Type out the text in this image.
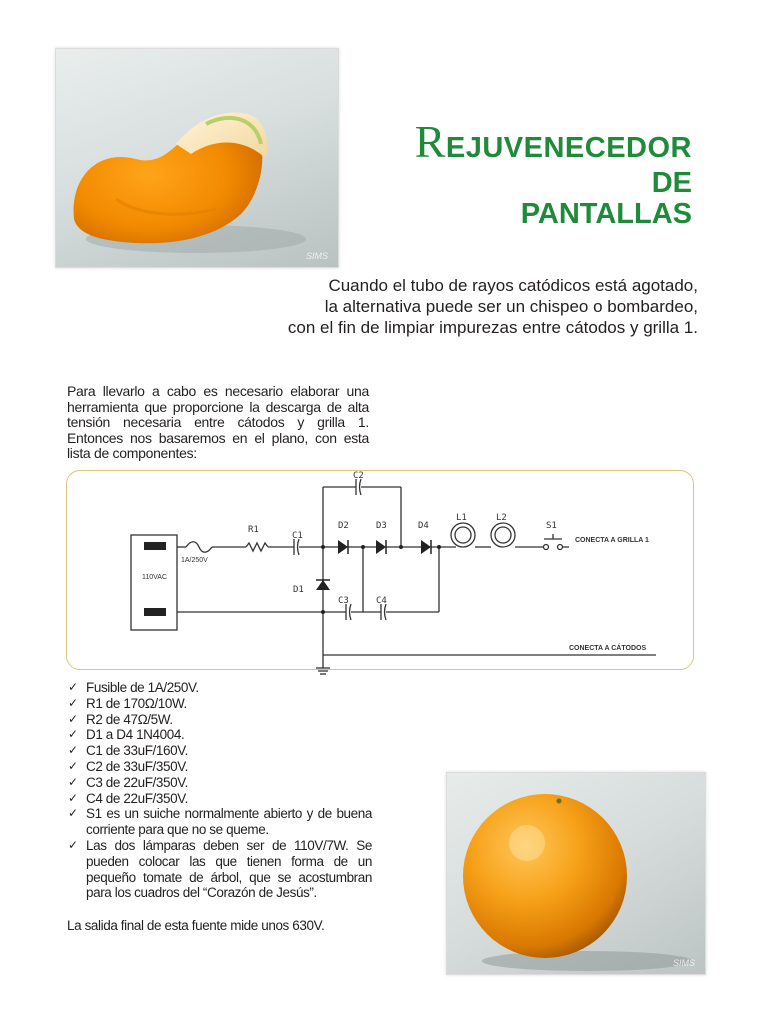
SIMS
REJUVENECEDOR
DE
PANTALLAS
Cuando el tubo de rayos catódicos está agotado,
la alternativa puede ser un chispeo o bombardeo,
con el fin de limpiar impurezas entre cátodos y grilla 1.
Para llevarlo a cabo es necesario elaborar una herramienta que proporcione la descarga de alta tensión necesaria entre cátodos y grilla 1. Entonces nos basaremos en el plano, con esta lista de componentes:
C2
R1
C1
D2	D3	D4
L1	L2
S1
D1
C3	C4
1A/250V
110VAC
CONECTA A GRILLA 1
CONECTA A CÁTODOS
✓ Fusible de 1A/250V.
✓ R1 de 170Ω/10W.
✓ R2 de 47Ω/5W.
✓ D1 a D4 1N4004.
✓ C1 de 33uF/160V.
✓ C2 de 33uF/350V.
✓ C3 de 22uF/350V.
✓ C4 de 22uF/350V.
✓ S1 es un suiche normalmente abierto y de buena corriente para que no se queme.
✓ Las dos lámparas deben ser de 110V/7W. Se pueden colocar las que tienen forma de un pequeño tomate de árbol, que se acostumbran para los cuadros del “Corazón de Jesús”.
La salida final de esta fuente mide unos 630V.
SIMS
